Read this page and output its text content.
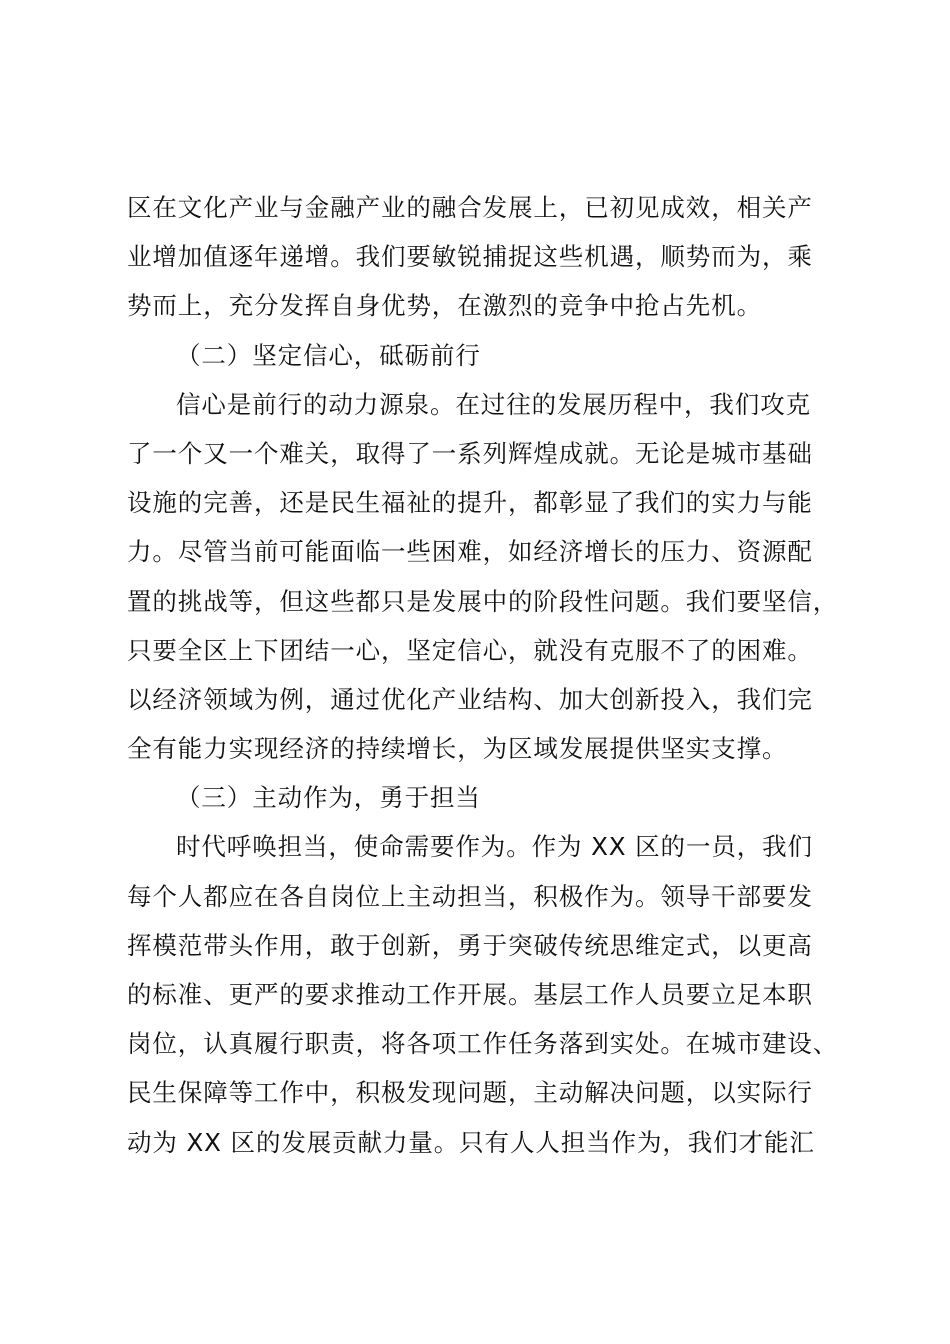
区在文化产业与金融产业的融合发展上，已初见成效，相关产
业增加值逐年递增。我们要敏锐捕捉这些机遇，顺势而为，乘
势而上，充分发挥自身优势，在激烈的竞争中抢占先机。
（二）坚定信心，砥砺前行
信心是前行的动力源泉。在过往的发展历程中，我们攻克
了一个又一个难关，取得了一系列辉煌成就。无论是城市基础
设施的完善，还是民生福祉的提升，都彰显了我们的实力与能
力。尽管当前可能面临一些困难，如经济增长的压力、资源配
置的挑战等，但这些都只是发展中的阶段性问题。我们要坚信，
只要全区上下团结一心，坚定信心，就没有克服不了的困难。
以经济领域为例，通过优化产业结构、加大创新投入，我们完
全有能力实现经济的持续增长，为区域发展提供坚实支撑。
（三）主动作为，勇于担当
时代呼唤担当，使命需要作为。作为 XX 区的一员，我们
每个人都应在各自岗位上主动担当，积极作为。领导干部要发
挥模范带头作用，敢于创新，勇于突破传统思维定式，以更高
的标准、更严的要求推动工作开展。基层工作人员要立足本职
岗位，认真履行职责，将各项工作任务落到实处。在城市建设、
民生保障等工作中，积极发现问题，主动解决问题，以实际行
动为 XX 区的发展贡献力量。只有人人担当作为，我们才能汇
